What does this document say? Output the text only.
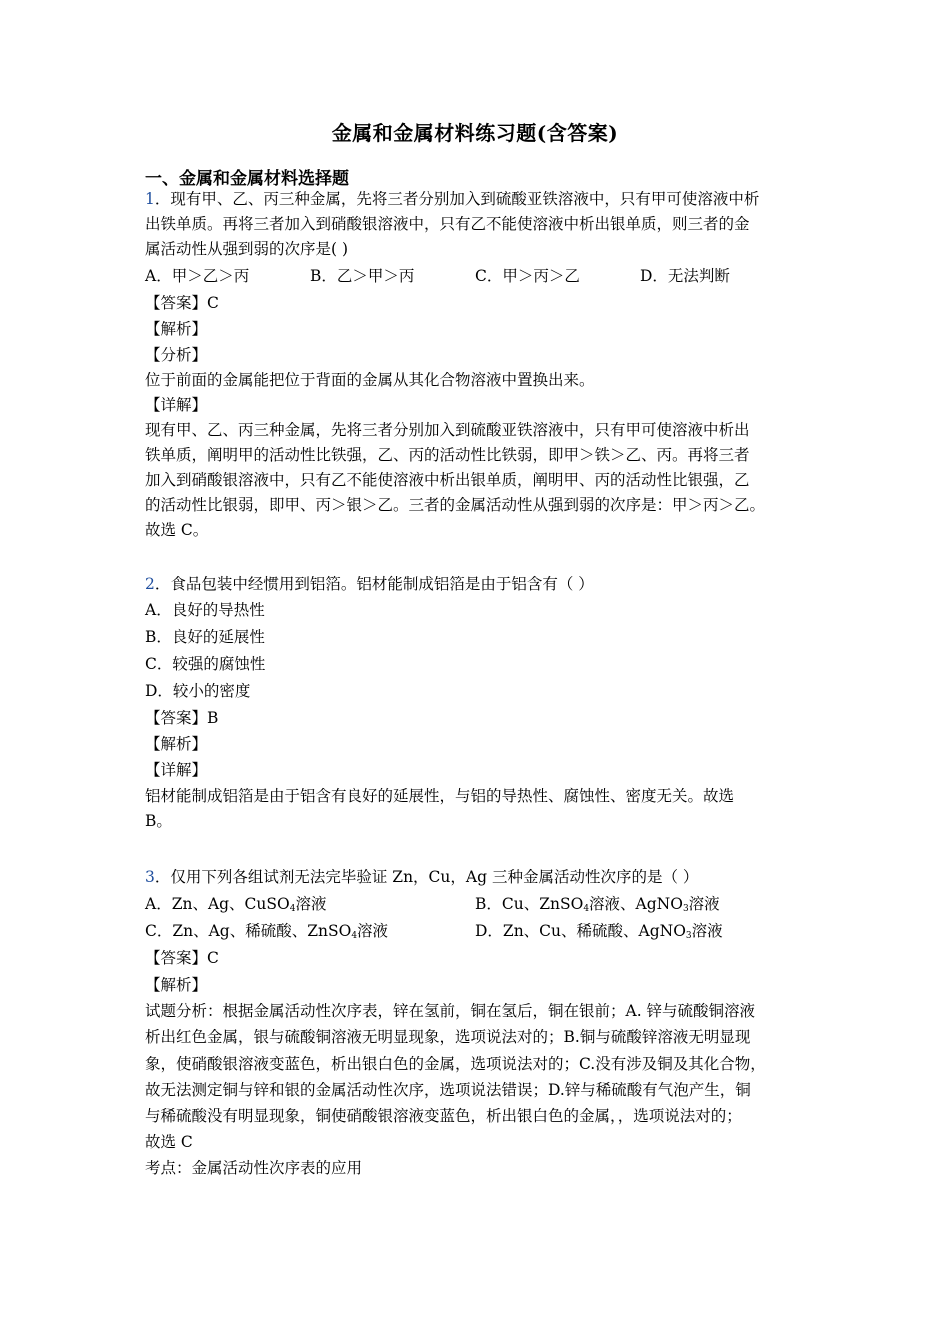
金属和金属材料练习题(含答案)
一、金属和金属材料选择题
1．现有甲、乙、丙三种金属，先将三者分别加入到硫酸亚铁溶液中，只有甲可使溶液中析
出铁单质。再将三者加入到硝酸银溶液中，只有乙不能使溶液中析出银单质，则三者的金
属活动性从强到弱的次序是( )
A．甲＞乙＞丙	B．乙＞甲＞丙	C．甲＞丙＞乙	D．无法判断
【答案】C
【解析】
【分析】
位于前面的金属能把位于背面的金属从其化合物溶液中置换出来。
【详解】
现有甲、乙、丙三种金属，先将三者分别加入到硫酸亚铁溶液中，只有甲可使溶液中析出
铁单质，阐明甲的活动性比铁强，乙、丙的活动性比铁弱，即甲＞铁＞乙、丙。再将三者
加入到硝酸银溶液中，只有乙不能使溶液中析出银单质，阐明甲、丙的活动性比银强，乙
的活动性比银弱，即甲、丙＞银＞乙。三者的金属活动性从强到弱的次序是：甲＞丙＞乙。
故选 C。
2．食品包装中经惯用到铝箔。铝材能制成铝箔是由于铝含有（ ）
A．良好的导热性
B．良好的延展性
C．较强的腐蚀性
D．较小的密度
【答案】B
【解析】
【详解】
铝材能制成铝箔是由于铝含有良好的延展性，与铝的导热性、腐蚀性、密度无关。故选
B。
3．仅用下列各组试剂无法完毕验证 Zn，Cu，Ag 三种金属活动性次序的是（ ）
A．Zn、Ag、CuSO$_4$溶液	B．Cu、ZnSO$_4$溶液、AgNO$_3$溶液
C．Zn、Ag、稀硫酸、ZnSO$_4$溶液	D．Zn、Cu、稀硫酸、AgNO$_3$溶液
【答案】C
【解析】
试题分析：根据金属活动性次序表，锌在氢前，铜在氢后，铜在银前；A. 锌与硫酸铜溶液
析出红色金属，银与硫酸铜溶液无明显现象，选项说法对的；B.铜与硫酸锌溶液无明显现
象，使硝酸银溶液变蓝色，析出银白色的金属，选项说法对的；C.没有涉及铜及其化合物，
故无法测定铜与锌和银的金属活动性次序，选项说法错误；D.锌与稀硫酸有气泡产生，铜
与稀硫酸没有明显现象，铜使硝酸银溶液变蓝色，析出银白色的金属，，选项说法对的；
故选 C
考点：金属活动性次序表的应用
